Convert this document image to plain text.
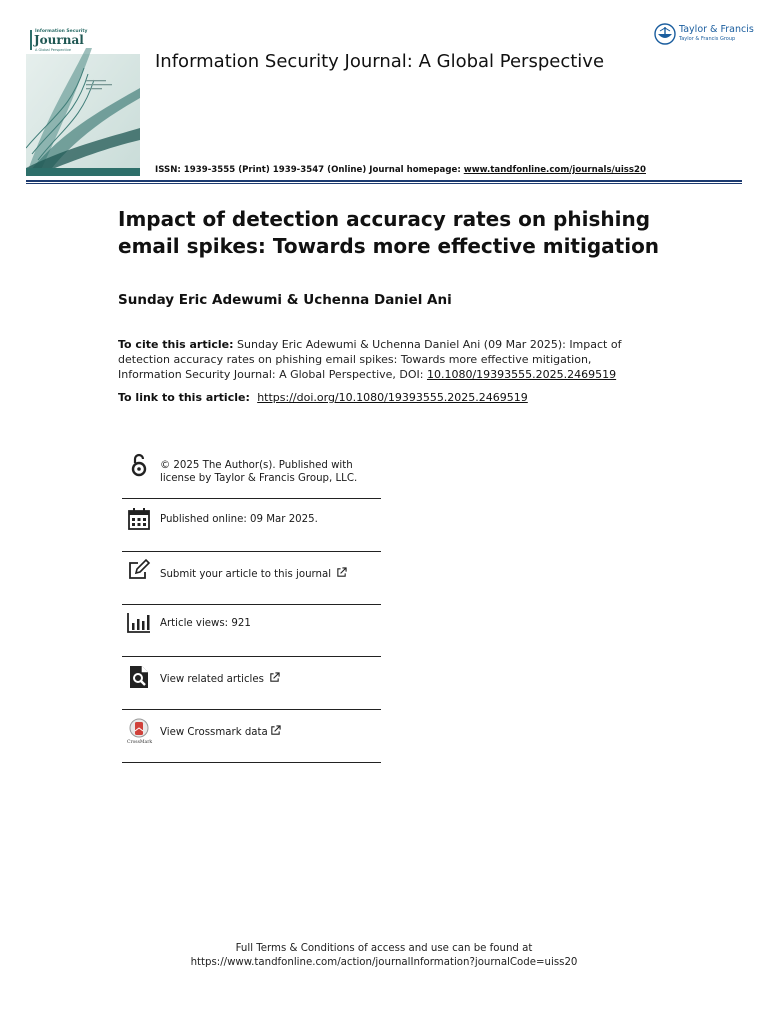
Information Security
Journal
A Global Perspective
Information Security Journal: A Global Perspective
Taylor & Francis
Taylor & Francis Group
ISSN: 1939-3555 (Print) 1939-3547 (Online) Journal homepage: www.tandfonline.com/journals/uiss20
Impact of detection accuracy rates on phishing email spikes: Towards more effective mitigation
Sunday Eric Adewumi & Uchenna Daniel Ani
To cite this article: Sunday Eric Adewumi & Uchenna Daniel Ani (09 Mar 2025): Impact of detection accuracy rates on phishing email spikes: Towards more effective mitigation, Information Security Journal: A Global Perspective, DOI: 10.1080/19393555.2025.2469519
To link to this article:  https://doi.org/10.1080/19393555.2025.2469519
© 2025 The Author(s). Published with
license by Taylor & Francis Group, LLC.
Published online: 09 Mar 2025.
Submit your article to this journal
Article views: 921
View related articles
CrossMark
View Crossmark data
Full Terms & Conditions of access and use can be found at
https://www.tandfonline.com/action/journalInformation?journalCode=uiss20
